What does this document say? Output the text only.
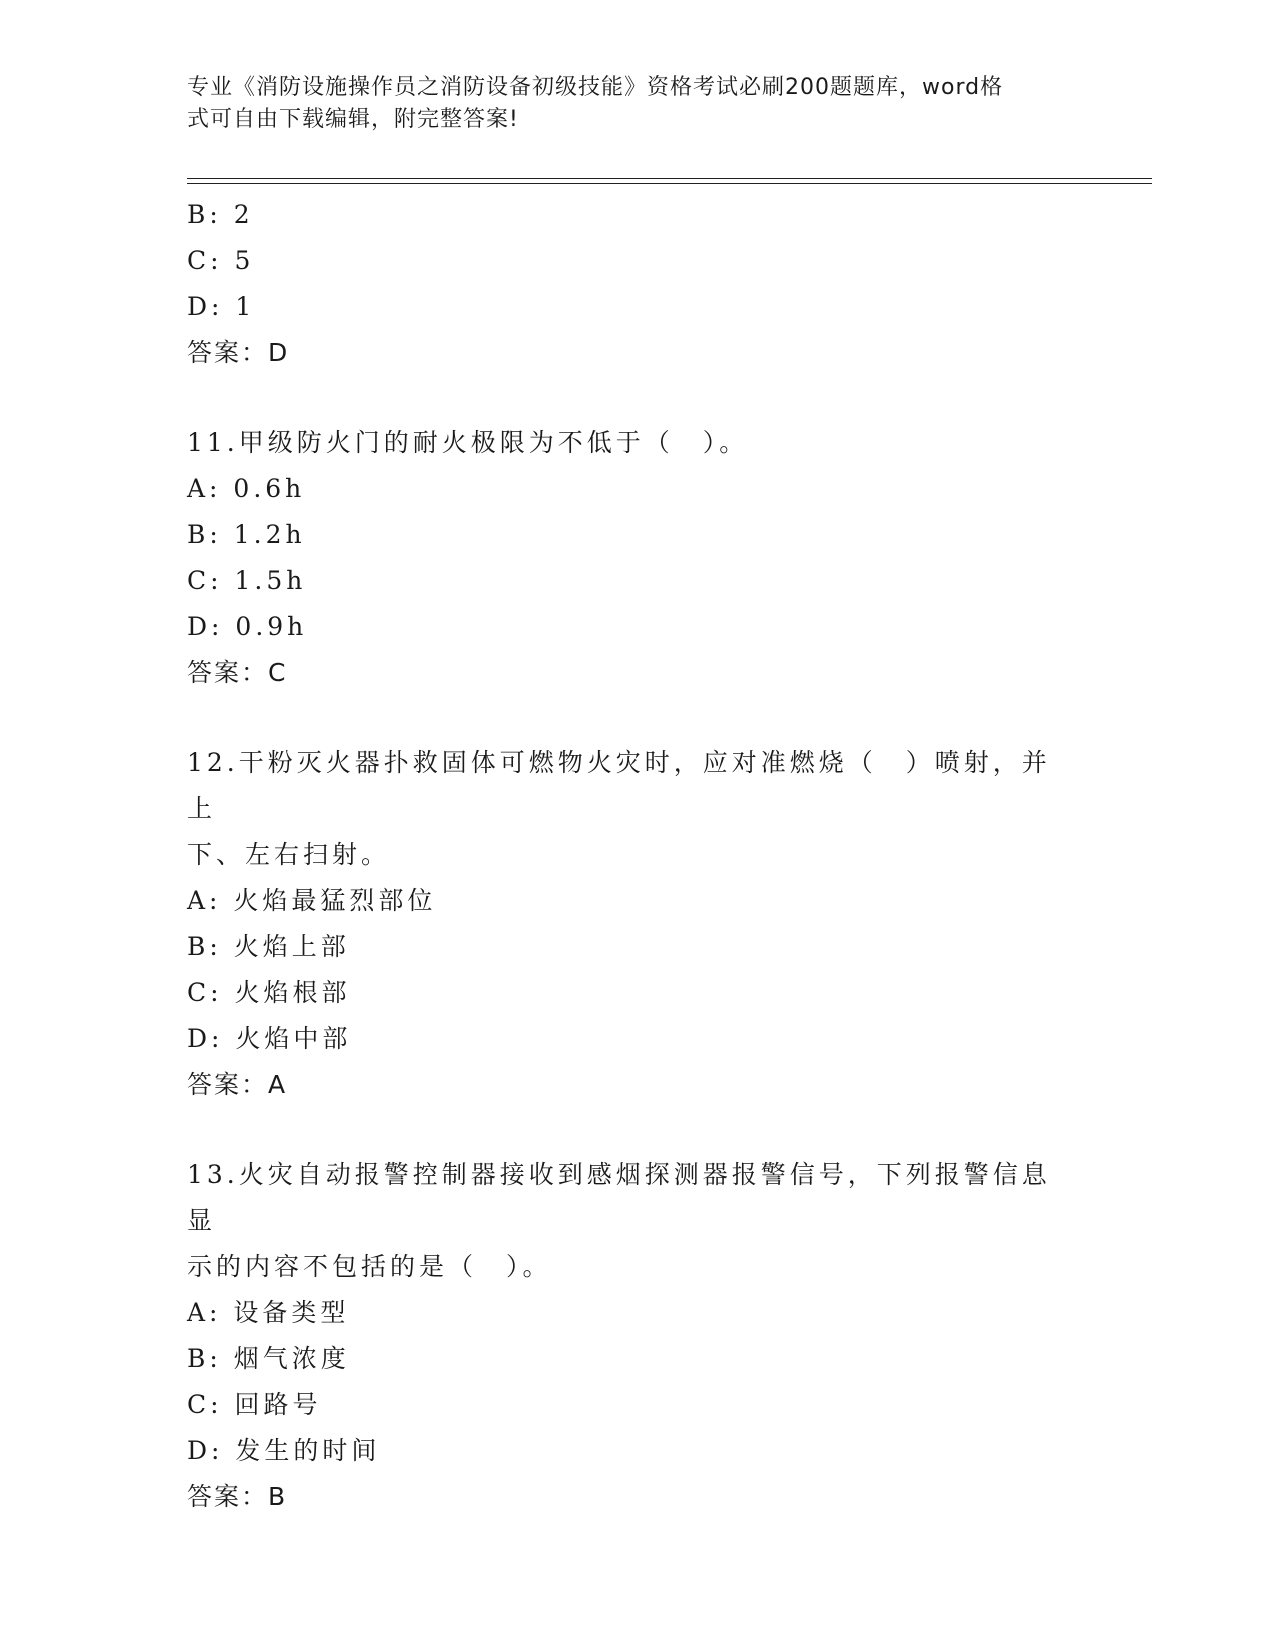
专业《消防设施操作员之消防设备初级技能》资格考试必刷200题题库，word格
式可自由下载编辑，附完整答案!
B: 2
C: 5
D: 1
答案：D
11.甲级防火门的耐火极限为不低于（　）。
A: 0.6h
B: 1.2h
C: 1.5h
D: 0.9h
答案：C
12.干粉灭火器扑救固体可燃物火灾时，应对准燃烧（　）喷射，并上
下、左右扫射。
A: 火焰最猛烈部位
B: 火焰上部
C: 火焰根部
D: 火焰中部
答案：A
13.火灾自动报警控制器接收到感烟探测器报警信号，下列报警信息显
示的内容不包括的是（　）。
A: 设备类型
B: 烟气浓度
C: 回路号
D: 发生的时间
答案：B
